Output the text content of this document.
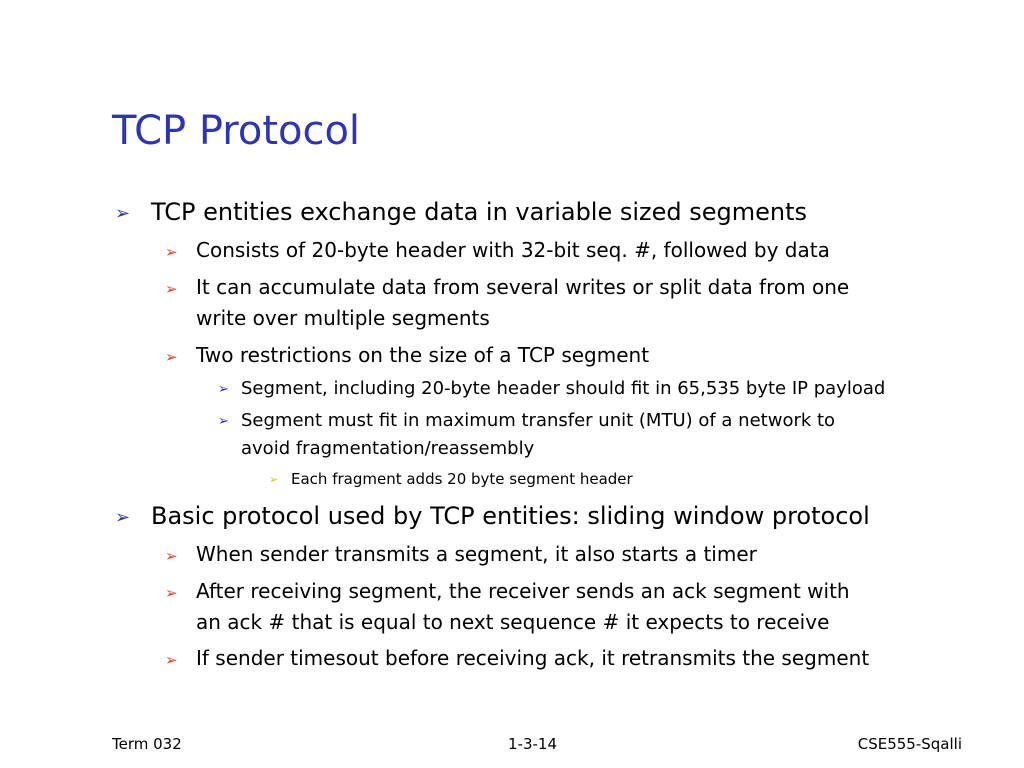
TCP Protocol
➢ TCP entities exchange data in variable sized segments
➢ Consists of 20-byte header with 32-bit seq. #, followed by data
➢ It can accumulate data from several writes or split data from one
write over multiple segments
➢ Two restrictions on the size of a TCP segment
➢ Segment, including 20-byte header should fit in 65,535 byte IP payload
➢ Segment must fit in maximum transfer unit (MTU) of a network to
avoid fragmentation/reassembly
➢ Each fragment adds 20 byte segment header
➢ Basic protocol used by TCP entities: sliding window protocol
➢ When sender transmits a segment, it also starts a timer
➢ After receiving segment, the receiver sends an ack segment with
an ack # that is equal to next sequence # it expects to receive
➢ If sender timesout before receiving ack, it retransmits the segment
Term 032	1-3-14	CSE555-Sqalli
